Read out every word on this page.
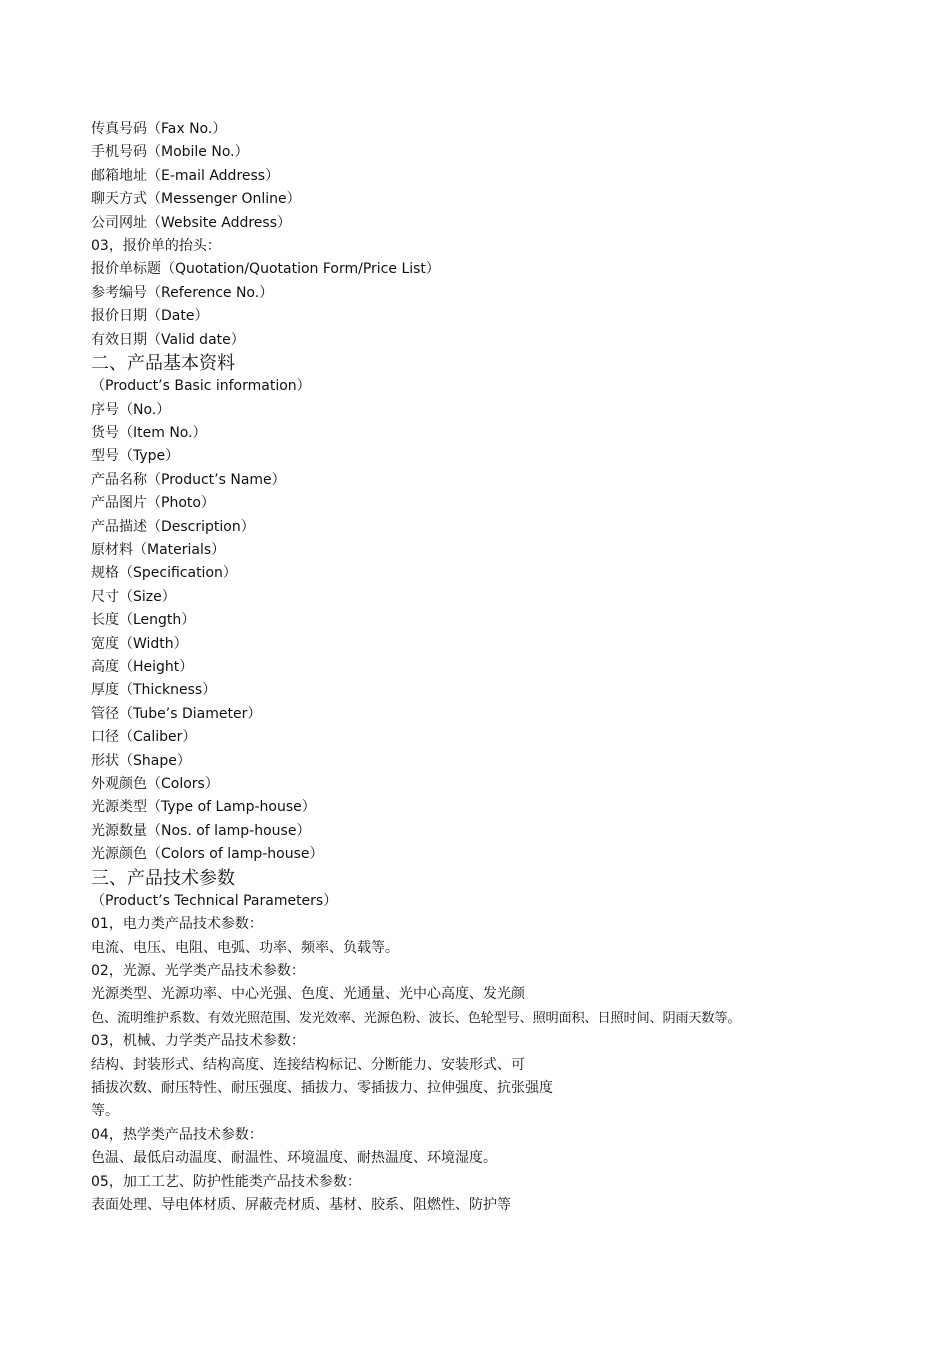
传真号码（Fax No.）
手机号码（Mobile No.）
邮箱地址（E-mail Address）
聊天方式（Messenger Online）
公司网址（Website Address）
03，报价单的抬头：
报价单标题（Quotation/Quotation Form/Price List）
参考编号（Reference No.）
报价日期（Date）
有效日期（Valid date）
二、产品基本资料
（Product’s Basic information）
序号（No.）
货号（Item No.）
型号（Type）
产品名称（Product’s Name）
产品图片（Photo）
产品描述（Description）
原材料（Materials）
规格（Specification）
尺寸（Size）
长度（Length）
宽度（Width）
高度（Height）
厚度（Thickness）
管径（Tube’s Diameter）
口径（Caliber）
形状（Shape）
外观颜色（Colors）
光源类型（Type of Lamp-house）
光源数量（Nos. of lamp-house）
光源颜色（Colors of lamp-house）
三、产品技术参数
（Product’s Technical Parameters）
01，电力类产品技术参数：
电流、电压、电阻、电弧、功率、频率、负载等。
02，光源、光学类产品技术参数：
光源类型、光源功率、中心光强、色度、光通量、光中心高度、发光颜
色、流明维护系数、有效光照范围、发光效率、光源色粉、波长、色轮型号、照明面积、日照时间、阴雨天数等。
03，机械、力学类产品技术参数：
结构、封装形式、结构高度、连接结构标记、分断能力、安装形式、可
插拔次数、耐压特性、耐压强度、插拔力、零插拔力、拉伸强度、抗张强度
等。
04，热学类产品技术参数：
色温、最低启动温度、耐温性、环境温度、耐热温度、环境湿度。
05，加工工艺、防护性能类产品技术参数：
表面处理、导电体材质、屏蔽壳材质、基材、胶系、阻燃性、防护等
